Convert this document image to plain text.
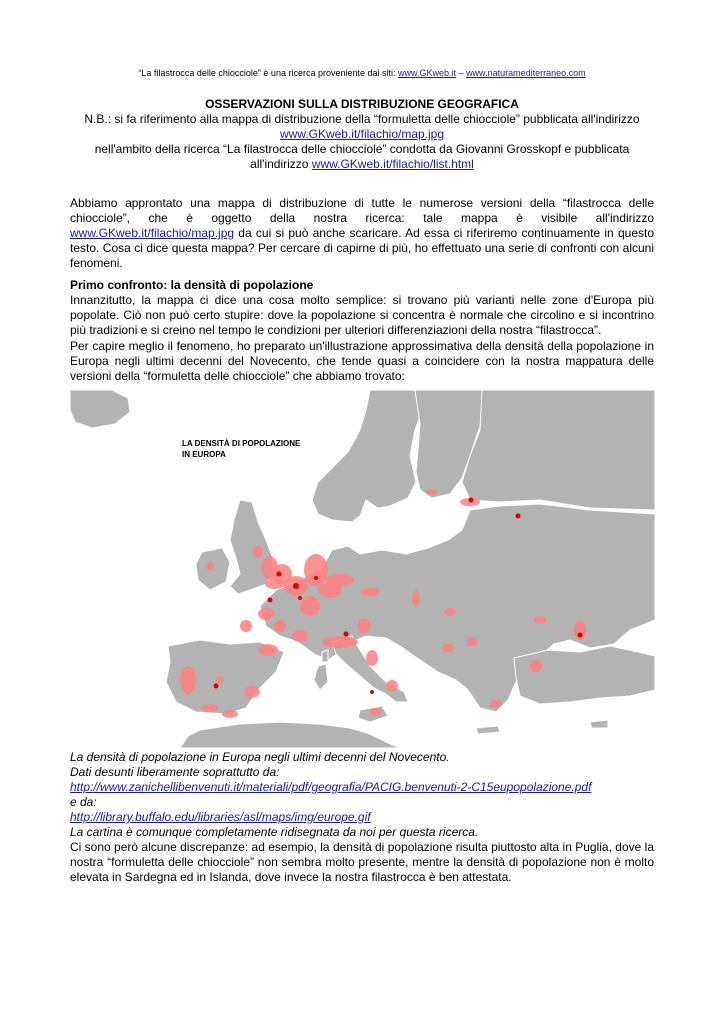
“La filastrocca delle chiocciole” è una ricerca proveniente dai siti: www.GKweb.it – www.naturamediterraneo.com
OSSERVAZIONI SULLA DISTRIBUZIONE GEOGRAFICA
N.B.: si fa riferimento alla mappa di distribuzione della “formuletta delle chiocciole” pubblicata all'indirizzo
www.GKweb.it/filachio/map.jpg
nell'ambito della ricerca “La filastrocca delle chiocciole” condotta da Giovanni Grosskopf e pubblicata all'indirizzo www.GKweb.it/filachio/list.html
Abbiamo approntato una mappa di distribuzione di tutte le numerose versioni della “filastrocca delle chiocciole”, che è oggetto della nostra ricerca: tale mappa è visibile all'indirizzo www.GKweb.it/filachio/map.jpg da cui si può anche scaricare. Ad essa ci riferiremo continuamente in questo testo. Cosa ci dice questa mappa? Per cercare di capirne di più, ho effettuato una serie di confronti con alcuni fenomeni.
Primo confronto: la densità di popolazione
Innanzitutto, la mappa ci dice una cosa molto semplice: si trovano più varianti nelle zone d'Europa più popolate. Ciò non può certo stupire: dove la popolazione si concentra è normale che circolino e si incontrino più tradizioni e si creino nel tempo le condizioni per ulteriori differenziazioni della nostra “filastrocca”.
Per capire meglio il fenomeno, ho preparato un'illustrazione approssimativa della densità della popolazione in Europa negli ultimi decenni del Novecento, che tende quasi a coincidere con la nostra mappatura delle versioni della “formuletta delle chiocciole” che abbiamo trovato:
LA DENSITÀ DI POPOLAZIONE
IN EUROPA
La densità di popolazione in Europa negli ultimi decenni del Novecento.
Dati desunti liberamente soprattutto da:
http://www.zanichellibenvenuti.it/materiali/pdf/geografia/PACIG.benvenuti-2-C15eupopolazione.pdf
e da:
http://library.buffalo.edu/libraries/asl/maps/img/europe.gif
La cartina è comunque completamente ridisegnata da noi per questa ricerca.
Ci sono però alcune discrepanze: ad esempio, la densità di popolazione risulta piuttosto alta in Puglia, dove la nostra “formuletta delle chiocciole” non sembra molto presente, mentre la densità di popolazione non è molto elevata in Sardegna ed in Islanda, dove invece la nostra filastrocca è ben attestata.
